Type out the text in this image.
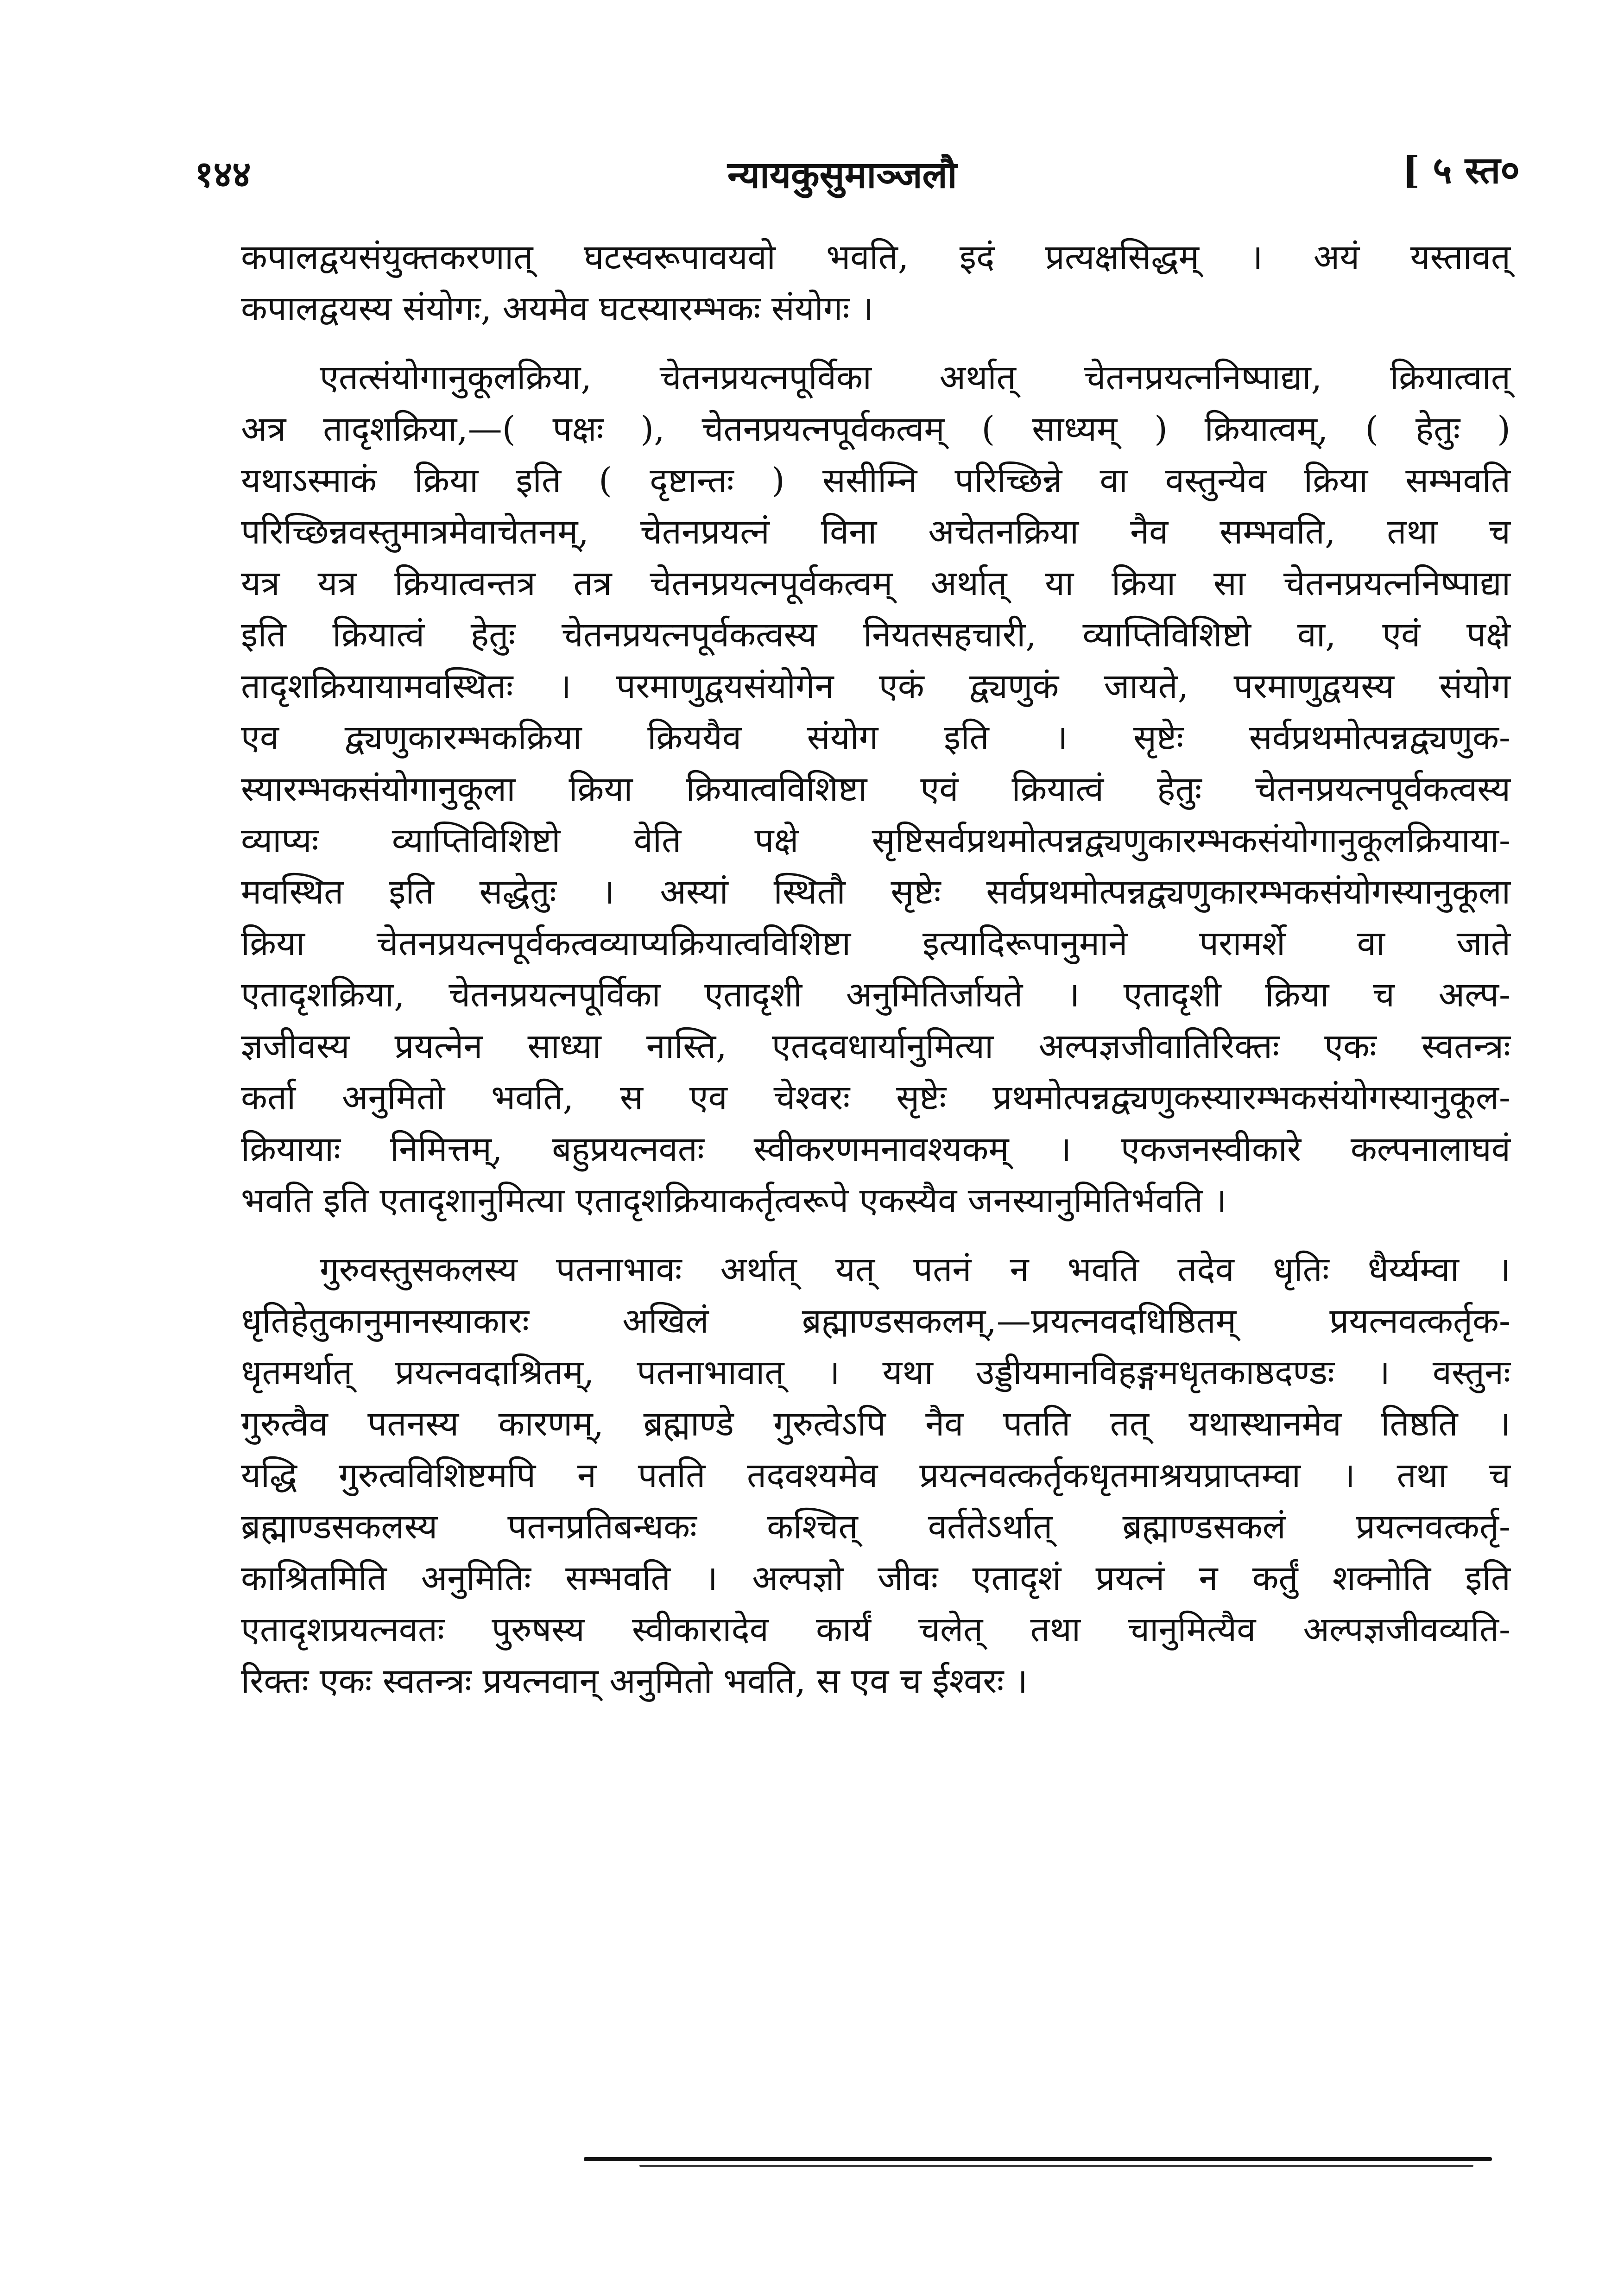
१४४	न्यायकुसुमाञ्जलौ	[ ५ स्त०
कपालद्वयसंयुक्तकरणात् घटस्वरूपावयवो भवति, इदं प्रत्यक्षसिद्धम् । अयं यस्तावत्
कपालद्वयस्य संयोगः, अयमेव घटस्यारम्भकः संयोगः ।
एतत्संयोगानुकूलक्रिया, चेतनप्रयत्नपूर्विका अर्थात् चेतनप्रयत्ननिष्पाद्या, क्रियात्वात्
अत्र तादृशक्रिया,—( पक्षः ), चेतनप्रयत्नपूर्वकत्वम् ( साध्यम् ) क्रियात्वम्, ( हेतुः )
यथाऽस्माकं क्रिया इति ( दृष्टान्तः ) ससीम्नि परिच्छिन्ने वा वस्तुन्येव क्रिया सम्भवति
परिच्छिन्नवस्तुमात्रमेवाचेतनम्, चेतनप्रयत्नं विना अचेतनक्रिया नैव सम्भवति, तथा च
यत्र यत्र क्रियात्वन्तत्र तत्र चेतनप्रयत्नपूर्वकत्वम् अर्थात् या क्रिया सा चेतनप्रयत्ननिष्पाद्या
इति क्रियात्वं हेतुः चेतनप्रयत्नपूर्वकत्वस्य नियतसहचारी, व्याप्तिविशिष्टो वा, एवं पक्षे
तादृशक्रियायामवस्थितः । परमाणुद्वयसंयोगेन एकं द्व्यणुकं जायते, परमाणुद्वयस्य संयोग
एव द्व्यणुकारम्भकक्रिया क्रिययैव संयोग इति । सृष्टेः सर्वप्रथमोत्पन्नद्व्यणुक-
स्यारम्भकसंयोगानुकूला क्रिया क्रियात्वविशिष्टा एवं क्रियात्वं हेतुः चेतनप्रयत्नपूर्वकत्वस्य
व्याप्यः व्याप्तिविशिष्टो वेति पक्षे सृष्टिसर्वप्रथमोत्पन्नद्व्यणुकारम्भकसंयोगानुकूलक्रियाया-
मवस्थित इति सद्धेतुः । अस्यां स्थितौ सृष्टेः सर्वप्रथमोत्पन्नद्व्यणुकारम्भकसंयोगस्यानुकूला
क्रिया चेतनप्रयत्नपूर्वकत्वव्याप्यक्रियात्वविशिष्टा इत्यादिरूपानुमाने परामर्शे वा जाते
एतादृशक्रिया, चेतनप्रयत्नपूर्विका एतादृशी अनुमितिर्जायते । एतादृशी क्रिया च अल्प-
ज्ञजीवस्य प्रयत्नेन साध्या नास्ति, एतदवधार्यानुमित्या अल्पज्ञजीवातिरिक्तः एकः स्वतन्त्रः
कर्ता अनुमितो भवति, स एव चेश्वरः सृष्टेः प्रथमोत्पन्नद्व्यणुकस्यारम्भकसंयोगस्यानुकूल-
क्रियायाः निमित्तम्, बहुप्रयत्नवतः स्वीकरणमनावश्यकम् । एकजनस्वीकारे कल्पनालाघवं
भवति इति एतादृशानुमित्या एतादृशक्रियाकर्तृत्वरूपे एकस्यैव जनस्यानुमितिर्भवति ।
गुरुवस्तुसकलस्य पतनाभावः अर्थात् यत् पतनं न भवति तदेव धृतिः धैर्य्यम्वा ।
धृतिहेतुकानुमानस्याकारः अखिलं ब्रह्माण्डसकलम्,—प्रयत्नवदधिष्ठितम् प्रयत्नवत्कर्तृक-
धृतमर्थात् प्रयत्नवदाश्रितम्, पतनाभावात् । यथा उड्डीयमानविहङ्गमधृतकाष्ठदण्डः । वस्तुनः
गुरुत्वैव पतनस्य कारणम्, ब्रह्माण्डे गुरुत्वेऽपि नैव पतति तत् यथास्थानमेव तिष्ठति ।
यद्धि गुरुत्वविशिष्टमपि न पतति तदवश्यमेव प्रयत्नवत्कर्तृकधृतमाश्रयप्राप्तम्वा । तथा च
ब्रह्माण्डसकलस्य पतनप्रतिबन्धकः कश्चित् वर्ततेऽर्थात् ब्रह्माण्डसकलं प्रयत्नवत्कर्तृ-
काश्रितमिति अनुमितिः सम्भवति । अल्पज्ञो जीवः एतादृशं प्रयत्नं न कर्तुं शक्नोति इति
एतादृशप्रयत्नवतः पुरुषस्य स्वीकारादेव कार्यं चलेत् तथा चानुमित्यैव अल्पज्ञजीवव्यति-
रिक्तः एकः स्वतन्त्रः प्रयत्नवान् अनुमितो भवति, स एव च ईश्वरः ।
